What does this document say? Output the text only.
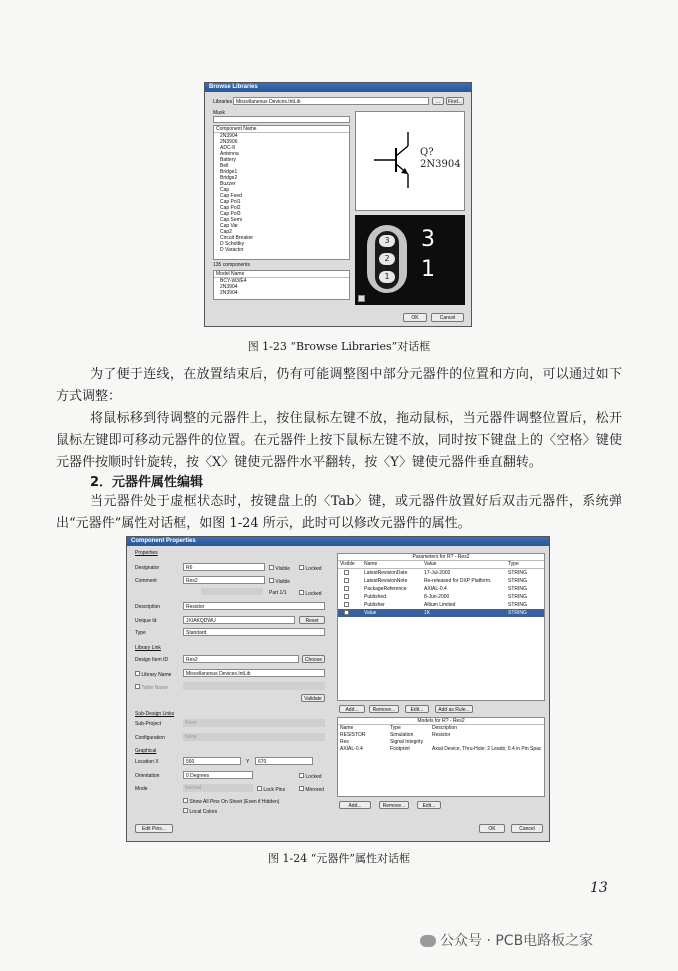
Browse Libraries
Libraries Miscellaneous Devices.IntLib	...	Find...
Mask
Component Name
2N3904
2N3906
ADC-8
Antenna
Battery
Bell
Bridge1
Bridge2
Buzzer
Cap
Cap Feed
Cap Pol1
Cap Pol2
Cap Pol3
Cap Semi
Cap Var
Cap2
Circuit Breaker
D Schottky
D Varactor
135 components
Model Name
BCY-W3/E4
2N3904
2N3904
Q?
2N3904
3
2
1
3
1
OK	Cancel
图 1-23 “Browse Libraries”对话框
为了便于连线，在放置结束后，仍有可能调整图中部分元器件的位置和方向，可以通过如下方式调整：
将鼠标移到待调整的元器件上，按住鼠标左键不放，拖动鼠标，当元器件调整位置后，松开鼠标左键即可移动元器件的位置。在元器件上按下鼠标左键不放，同时按下键盘上的〈空格〉键使元器件按顺时针旋转，按〈X〉键使元器件水平翻转，按〈Y〉键使元器件垂直翻转。
2．元器件属性编辑
当元器件处于虚框状态时，按键盘上的〈Tab〉键，或元器件放置好后双击元器件，系统弹出“元器件”属性对话框，如图 1-24 所示，此时可以修改元器件的属性。
Component Properties
Properties
Designator	R6	Visible	Locked
Comment	Res2	Visible
Part 1/1	Locked
Description	Resistor
Unique Id	JXIAKQDWU	Reset
Type	Standard
Library Link
Design Item ID	Res2	Choose
Library Name	Miscellaneous Devices.IntLib
Table Name
Validate
Sub-Design Links
Sub-Project	None
Configuration	None
Graphical
Location X	560	Y 670
Orientation	0 Degrees	Locked
Mode	Normal	Lock Pins	Mirrored
Show All Pins On Sheet (Even if Hidden)
Local Colors
Parameters for R? - Res2
Visible Name	Value	Type
LatestRevisionDate	17-Jul-2002	STRING
LatestRevisionNote	Re-released for DXP Platform.	STRING
PackageReference	AXIAL-0.4	STRING
Published	8-Jun-2000	STRING
Publisher	Altium Limited	STRING
Value	1K	STRING
Add...	Remove...	Edit...	Add as Rule...
Models for R? - Res2
Name	Type	Description
RESISTOR	Simulation	Resistor
Res	Signal Integrity
AXIAL-0.4	Footprint	Axial Device, Thru-Hole; 2 Leads; 0.4 in Pin Spac
Add...	Remove...	Edit...
Edit Pins...	OK	Cancel
图 1-24 “元器件”属性对话框
13
公众号 · PCB电路板之家
